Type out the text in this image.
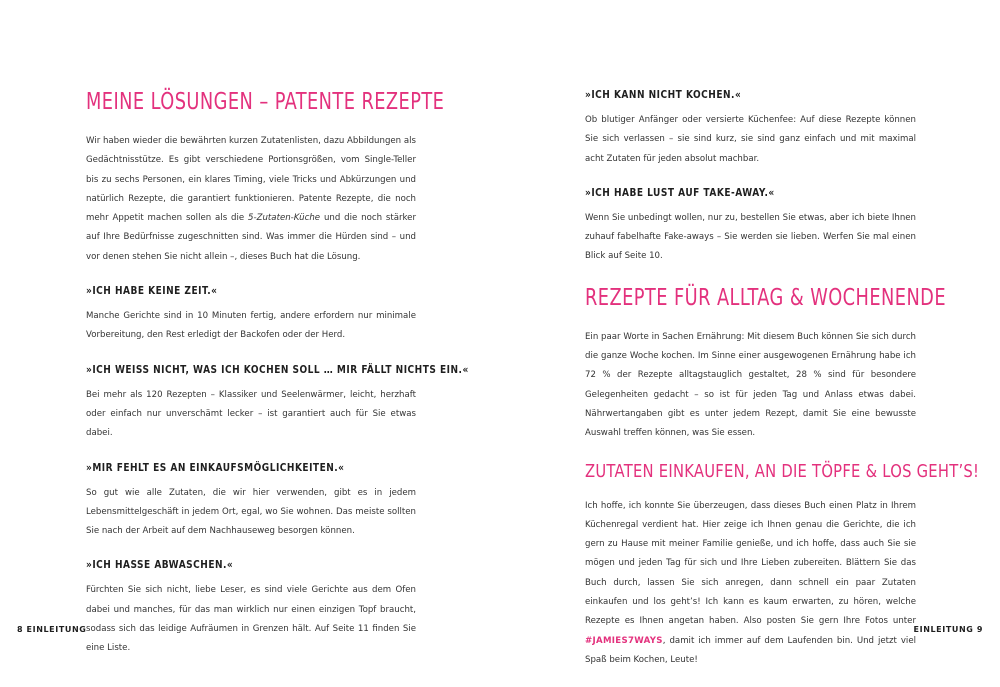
MEINE LÖSUNGEN – PATENTE REZEPTE

Wir haben wieder die bewährten kurzen Zutatenlisten, dazu Abbildungen als Gedächtnisstütze. Es gibt verschiedene Portionsgrößen, vom Single-Teller bis zu sechs Personen, ein klares Timing, viele Tricks und Abkürzungen und natürlich Rezepte, die garantiert funktionieren. Patente Rezepte, die noch mehr Appetit machen sollen als die 5-Zutaten-Küche und die noch stärker auf Ihre Bedürfnisse zugeschnitten sind. Was immer die Hürden sind – und vor denen stehen Sie nicht allein –, dieses Buch hat die Lösung.

»ICH HABE KEINE ZEIT.«

Manche Gerichte sind in 10 Minuten fertig, andere erfordern nur minimale Vorbereitung, den Rest erledigt der Backofen oder der Herd.

»ICH WEISS NICHT, WAS ICH KOCHEN SOLL … MIR FÄLLT NICHTS EIN.«

Bei mehr als 120 Rezepten – Klassiker und Seelenwärmer, leicht, herzhaft oder einfach nur unverschämt lecker – ist garantiert auch für Sie etwas dabei.

»MIR FEHLT ES AN EINKAUFSMÖGLICHKEITEN.«

So gut wie alle Zutaten, die wir hier verwenden, gibt es in jedem Lebensmittelgeschäft in jedem Ort, egal, wo Sie wohnen. Das meiste sollten Sie nach der Arbeit auf dem Nachhauseweg besorgen können.

»ICH HASSE ABWASCHEN.«

Fürchten Sie sich nicht, liebe Leser, es sind viele Gerichte aus dem Ofen dabei und manches, für das man wirklich nur einen einzigen Topf braucht, sodass sich das leidige Aufräumen in Grenzen hält. Auf Seite 11 finden Sie eine Liste.

8 EINLEITUNG
»ICH KANN NICHT KOCHEN.«

Ob blutiger Anfänger oder versierte Küchenfee: Auf diese Rezepte können Sie sich verlassen – sie sind kurz, sie sind ganz einfach und mit maximal acht Zutaten für jeden absolut machbar.

»ICH HABE LUST AUF TAKE-AWAY.«

Wenn Sie unbedingt wollen, nur zu, bestellen Sie etwas, aber ich biete Ihnen zuhauf fabelhafte Fake-aways – Sie werden sie lieben. Werfen Sie mal einen Blick auf Seite 10.

REZEPTE FÜR ALLTAG & WOCHENENDE

Ein paar Worte in Sachen Ernährung: Mit diesem Buch können Sie sich durch die ganze Woche kochen. Im Sinne einer ausgewogenen Ernährung habe ich 72 % der Rezepte alltagstauglich gestaltet, 28 % sind für besondere Gelegenheiten gedacht – so ist für jeden Tag und Anlass etwas dabei. Nährwertangaben gibt es unter jedem Rezept, damit Sie eine bewusste Auswahl treffen können, was Sie essen.

ZUTATEN EINKAUFEN, AN DIE TÖPFE & LOS GEHT’S!

Ich hoffe, ich konnte Sie überzeugen, dass dieses Buch einen Platz in Ihrem Küchenregal verdient hat. Hier zeige ich Ihnen genau die Gerichte, die ich gern zu Hause mit meiner Familie genieße, und ich hoffe, dass auch Sie sie mögen und jeden Tag für sich und Ihre Lieben zubereiten. Blättern Sie das Buch durch, lassen Sie sich anregen, dann schnell ein paar Zutaten einkaufen und los geht’s! Ich kann es kaum erwarten, zu hören, welche Rezepte es Ihnen angetan haben. Also posten Sie gern Ihre Fotos unter #JAMIES7WAYS, damit ich immer auf dem Laufenden bin. Und jetzt viel Spaß beim Kochen, Leute!

EINLEITUNG 9
